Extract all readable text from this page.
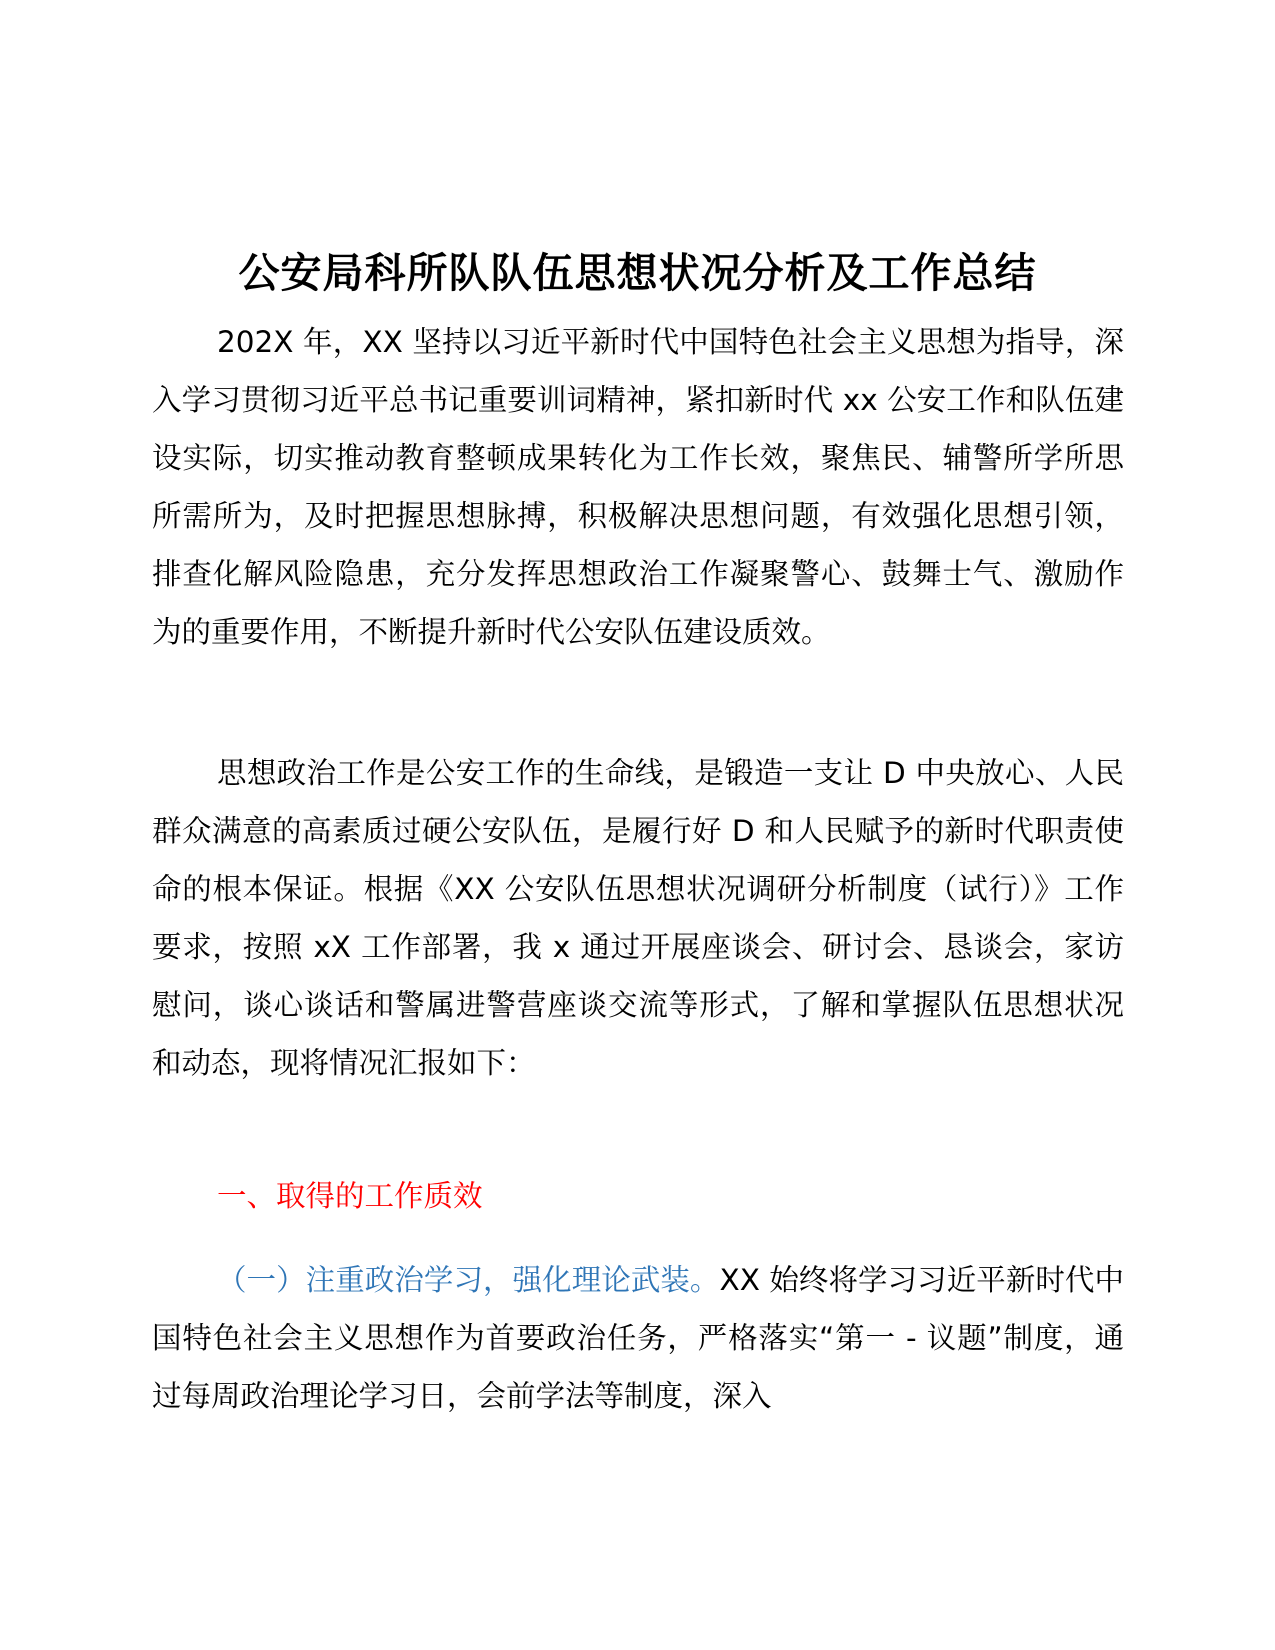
公安局科所队队伍思想状况分析及工作总结

202X 年，XX 坚持以习近平新时代中国特色社会主义思想为指导，深入学习贯彻习近平总书记重要训词精神，紧扣新时代 xx 公安工作和队伍建设实际，切实推动教育整顿成果转化为工作长效，聚焦民、辅警所学所思所需所为，及时把握思想脉搏，积极解决思想问题，有效强化思想引领，排查化解风险隐患，充分发挥思想政治工作凝聚警心、鼓舞士气、激励作为的重要作用，不断提升新时代公安队伍建设质效。

思想政治工作是公安工作的生命线，是锻造一支让 D 中央放心、人民群众满意的高素质过硬公安队伍，是履行好 D 和人民赋予的新时代职责使命的根本保证。根据《XX 公安队伍思想状况调研分析制度（试行）》工作要求，按照 xX 工作部署，我 x 通过开展座谈会、研讨会、恳谈会，家访慰问，谈心谈话和警属进警营座谈交流等形式，了解和掌握队伍思想状况和动态，现将情况汇报如下：

一、取得的工作质效

（一）注重政治学习，强化理论武装。XX 始终将学习习近平新时代中国特色社会主义思想作为首要政治任务，严格落实“第一 - 议题”制度，通过每周政治理论学习日，会前学法等制度，深入
